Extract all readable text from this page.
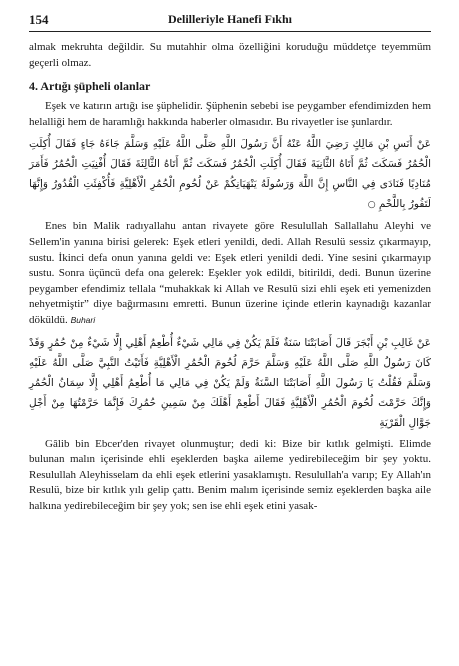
154	Delilleriyle Hanefi Fıkhı

almak mekruhta değildir. Su mutahhir olma özelliğini koruduğu müddetçe teyemmüm geçerli olmaz.

4. Artığı şüpheli olanlar

Eşek ve katırın artığı ise şüphelidir. Şüphenin sebebi ise peygamber efendimizden hem helalliği hem de haramlığı hakkında haberler olmasıdır. Bu rivayetler ise şunlardır.

عَنْ أَنَسِ بْنِ مَالِكٍ رَضِيَ اللَّهُ عَنْهُ أَنَّ رَسُولَ اللَّهِ صَلَّى اللَّهُ عَلَيْهِ وَسَلَّمَ جَاءَهُ جَاءٍ فَقَالَ أُكِلَتِ الْحُمُرُ فَسَكَتَ ثُمَّ أَتَاهُ الثَّانِيَةَ فَقَالَ أُكِلَتِ الْحُمُرُ فَسَكَتَ ثُمَّ أَتَاهُ الثَّالِثَةَ فَقَالَ أُفْنِيَتِ الْحُمُرُ فَأَمَرَ مُنَادِيًا فَنَادَى فِي النَّاسِ إِنَّ اللَّهَ وَرَسُولَهُ يَنْهَيَانِكُمْ عَنْ لُحُومِ الْحُمُرِ الْأَهْلِيَّةِ فَأُكْفِئَتِ الْقُدُورُ وَإِنَّهَا لَتَفُورُ بِاللَّحْمِ ○

Enes bin Malik radıyallahu antan rivayete göre Resulullah Sallallahu Aleyhi ve Sellem'in yanına birisi gelerek: Eşek etleri yenildi, dedi. Allah Resulü sessiz çıkarmayıp, sustu. İkinci defa onun yanına geldi ve: Eşek etleri yenildi dedi. Yine sesini çıkarmayıp sustu. Sonra üçüncü defa ona gelerek: Eşekler yok edildi, bitirildi, dedi. Bunun üzerine peygamber efendimiz tellala “muhakkak ki Allah ve Resulü sizi ehli eşek eti yemenizden nehyetmiştir” diye bağırmasını emretti. Bunun üzerine içinde etlerin kaynadığı kazanlar döküldü. Buhari

عَنْ غَالِبِ بْنِ أَبْجَرَ قَالَ أَصَابَتْنَا سَنَةٌ فَلَمْ يَكُنْ فِي مَالِي شَيْءٌ أُطْعِمُ أَهْلِي إِلَّا شَيْءٌ مِنْ حُمُرٍ وَقَدْ كَانَ رَسُولُ اللَّهِ صَلَّى اللَّهُ عَلَيْهِ وَسَلَّمَ حَرَّمَ لُحُومَ الْحُمُرِ الْأَهْلِيَّةِ فَأَتَيْتُ النَّبِيَّ صَلَّى اللَّهُ عَلَيْهِ وَسَلَّمَ فَقُلْتُ يَا رَسُولَ اللَّهِ أَصَابَتْنَا السَّنَةُ وَلَمْ يَكُنْ فِي مَالِي مَا أُطْعِمُ أَهْلِي إِلَّا سِمَانُ الْحُمُرِ وَإِنَّكَ حَرَّمْتَ لُحُومَ الْحُمُرِ الْأَهْلِيَّةِ فَقَالَ أَطْعِمْ أَهْلَكَ مِنْ سَمِينِ حُمُرِكَ فَإِنَّمَا حَرَّمْتُهَا مِنْ أَجْلِ جَوَّالِ الْقَرْيَةِ

Gâlib bin Ebcer'den rivayet olunmuştur; dedi ki: Bize bir kıtlık gelmişti. Elimde bulunan malın içerisinde ehli eşeklerden başka aileme yedirebileceğim bir şey yoktu. Resulullah Aleyhisselam da ehli eşek etlerini yasaklamıştı. Resulullah'a varıp; Ey Allah'ın Resulü, bize bir kıtlık yılı gelip çattı. Benim malım içerisinde semiz eşeklerden başka aile halkına yedirebileceğim bir şey yok; sen ise ehli eşek etini yasak-
